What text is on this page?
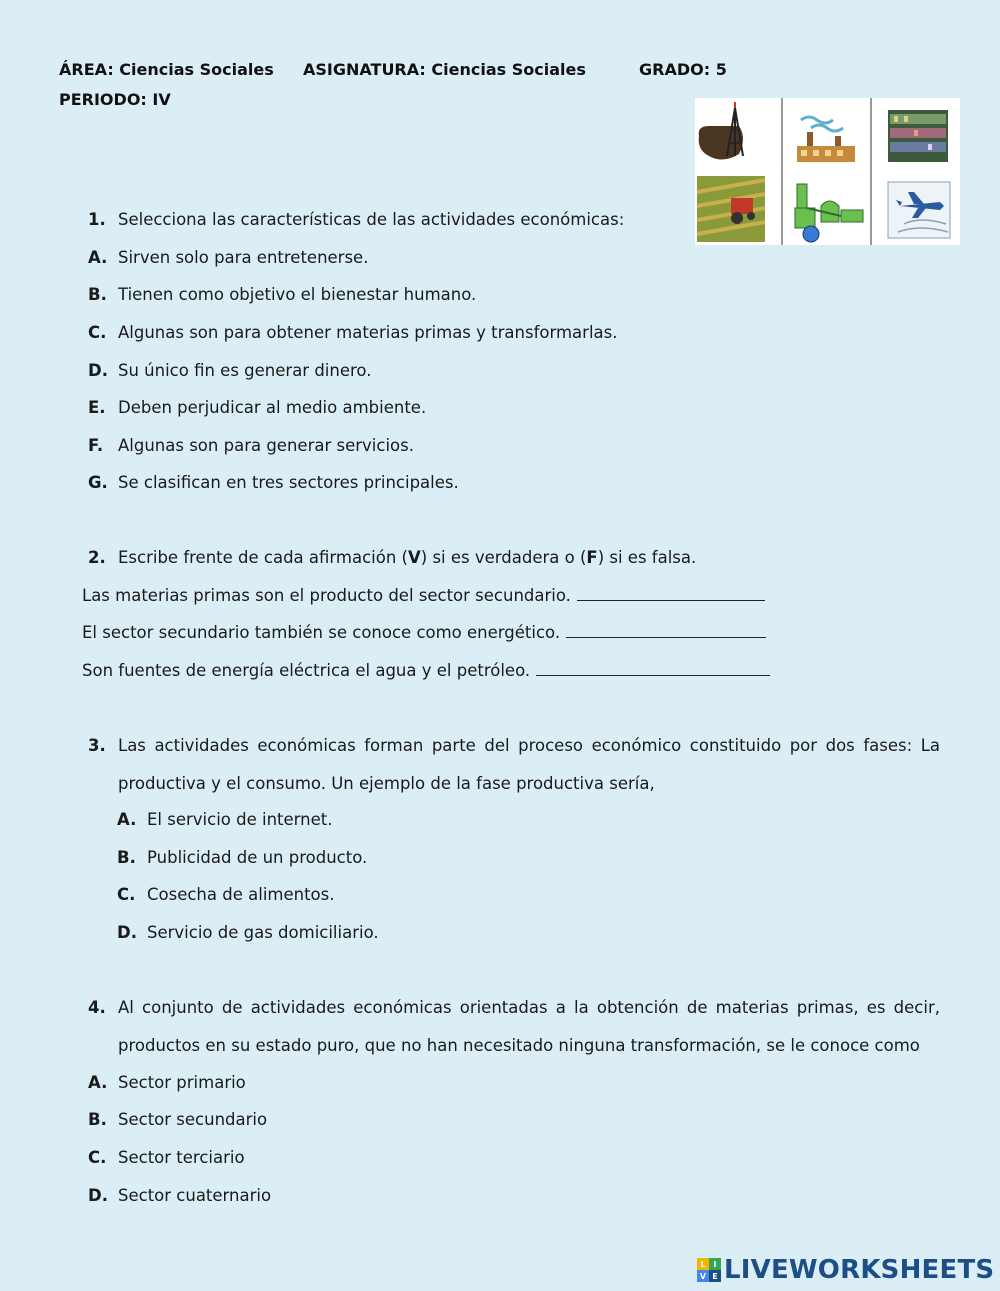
ÁREA: Ciencias Sociales ASIGNATURA: Ciencias Sociales	GRADO: 5
PERIODO: IV
1. Selecciona las características de las actividades económicas:
A. Sirven solo para entretenerse.
B. Tienen como objetivo el bienestar humano.
C. Algunas son para obtener materias primas y transformarlas.
D. Su único fin es generar dinero.
E. Deben perjudicar al medio ambiente.
F. Algunas son para generar servicios.
G. Se clasifican en tres sectores principales.
2. Escribe frente de cada afirmación (V) si es verdadera o (F) si es falsa.
Las materias primas son el producto del sector secundario.
El sector secundario también se conoce como energético.
Son fuentes de energía eléctrica el agua y el petróleo.
3. Las actividades económicas forman parte del proceso económico constituido por dos fases: La productiva y el consumo. Un ejemplo de la fase productiva sería,
A. El servicio de internet.
B. Publicidad de un producto.
C. Cosecha de alimentos.
D. Servicio de gas domiciliario.
4. Al conjunto de actividades económicas orientadas a la obtención de materias primas, es decir, productos en su estado puro, que no han necesitado ninguna transformación, se le conoce como
A. Sector primario
B. Sector secundario
C. Sector terciario
D. Sector cuaternario
L I
V E LIVEWORKSHEETS
